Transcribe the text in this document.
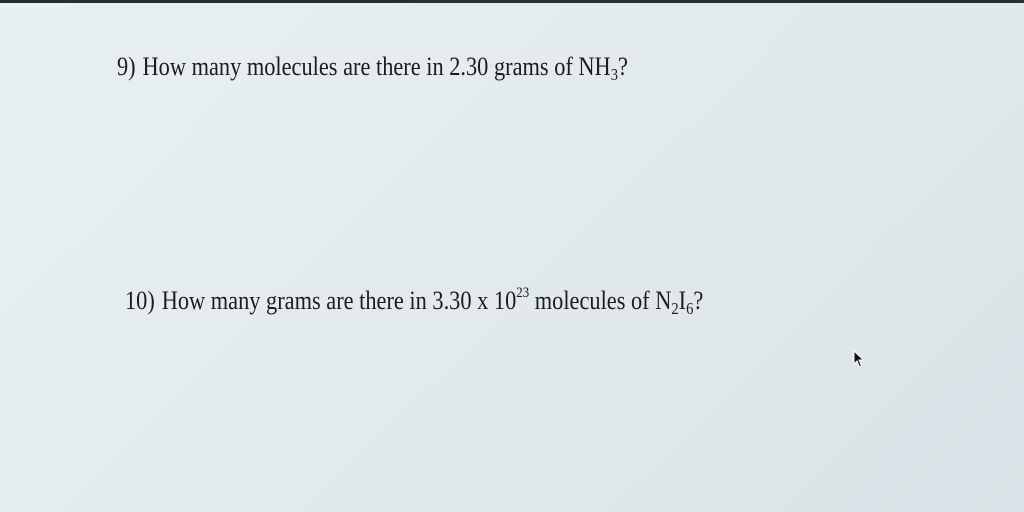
9) How many molecules are there in 2.30 grams of $NH_3$?
10) How many grams are there in 3.30 x $10^{23}$ molecules of $N_2I_6$?
